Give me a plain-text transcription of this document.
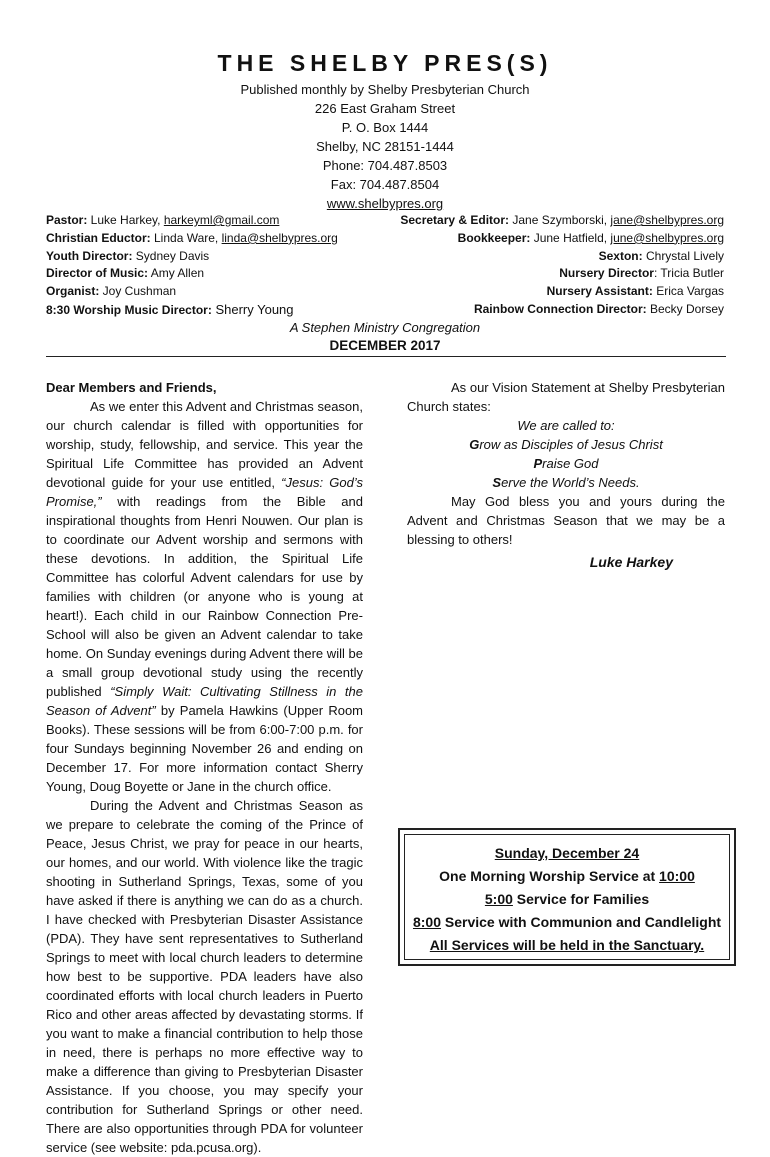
THE SHELBY PRES(S)
Published monthly by Shelby Presbyterian Church
226 East Graham Street
P. O. Box 1444
Shelby, NC 28151-1444
Phone: 704.487.8503
Fax: 704.487.8504
www.shelbypres.org
Pastor: Luke Harkey, harkeyml@gmail.com
Christian Eductor: Linda Ware, linda@shelbypres.org
Youth Director: Sydney Davis
Director of Music: Amy Allen
Organist: Joy Cushman
8:30 Worship Music Director: Sherry Young
Secretary & Editor: Jane Szymborski, jane@shelbypres.org
Bookkeeper: June Hatfield, june@shelbypres.org
Sexton: Chrystal Lively
Nursery Director: Tricia Butler
Nursery Assistant: Erica Vargas
Rainbow Connection Director: Becky Dorsey
A Stephen Ministry Congregation
DECEMBER 2017

Dear Members and Friends,

As we enter this Advent and Christmas season, our church calendar is filled with opportunities for worship, study, fellowship, and service. This year the Spiritual Life Committee has provided an Advent devotional guide for your use entitled, “Jesus: God’s Promise,” with readings from the Bible and inspirational thoughts from Henri Nouwen. Our plan is to coordinate our Advent worship and sermons with these devotions. In addition, the Spiritual Life Committee has colorful Advent calendars for use by families with children (or anyone who is young at heart!). Each child in our Rainbow Connection Pre-School will also be given an Advent calendar to take home. On Sunday evenings during Advent there will be a small group devotional study using the recently published “Simply Wait: Cultivating Stillness in the Season of Advent” by Pamela Hawkins (Upper Room Books). These sessions will be from 6:00-7:00 p.m. for four Sundays beginning November 26 and ending on December 17. For more information contact Sherry Young, Doug Boyette or Jane in the church office.

During the Advent and Christmas Season as we prepare to celebrate the coming of the Prince of Peace, Jesus Christ, we pray for peace in our hearts, our homes, and our world. With violence like the tragic shooting in Sutherland Springs, Texas, some of you have asked if there is anything we can do as a church. I have checked with Presbyterian Disaster Assistance (PDA). They have sent representatives to Sutherland Springs to meet with local church leaders to determine how best to be supportive. PDA leaders have also coordinated efforts with local church leaders in Puerto Rico and other areas affected by devastating storms. If you want to make a financial contribution to help those in need, there is perhaps no more effective way to make a difference than giving to Presbyterian Disaster Assistance. If you choose, you may specify your contribution for Sutherland Springs or other need. There are also opportunities through PDA for volunteer service (see website: pda.pcusa.org).

As our Vision Statement at Shelby Presbyterian Church states:

We are called to:

Grow as Disciples of Jesus Christ

Praise God

Serve the World’s Needs.

May God bless you and yours during the Advent and Christmas Season that we may be a blessing to others!

Luke Harkey

Sunday, December 24
One Morning Worship Service at 10:00
5:00 Service for Families
8:00 Service with Communion and Candlelight
All Services will be held in the Sanctuary.
